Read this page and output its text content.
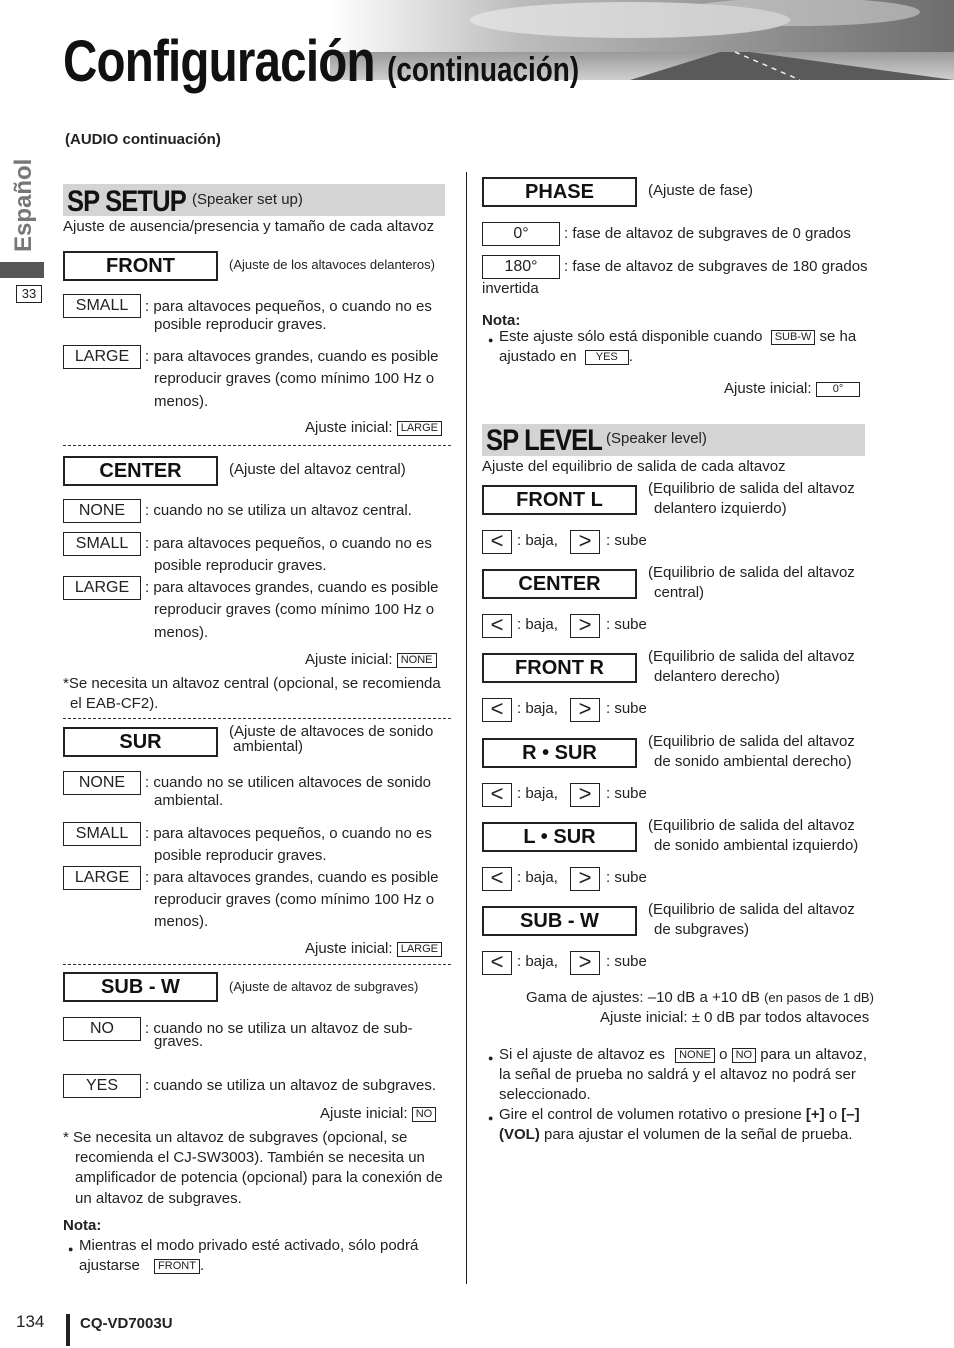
Configuración (continuación)
(AUDIO continuación)
Español
33
SP SETUP (Speaker set up)
Ajuste de ausencia/presencia y tamaño de cada altavoz
FRONT	(Ajuste de los altavoces delanteros)
SMALL	: para altavoces pequeños, o cuando no es
posible reproducir graves.
LARGE	: para altavoces grandes, cuando es posible
reproducir graves (como mínimo 100 Hz o
menos).
Ajuste inicial: LARGE
CENTER	(Ajuste del altavoz central)
NONE	: cuando no se utiliza un altavoz central.
SMALL	: para altavoces pequeños, o cuando no es
posible reproducir graves.
LARGE	: para altavoces grandes, cuando es posible
reproducir graves (como mínimo 100 Hz o
menos).
Ajuste inicial: NONE
*Se necesita un altavoz central (opcional, se recomienda
el EAB-CF2).
SUR	(Ajuste de altavoces de sonido
ambiental)
NONE	: cuando no se utilicen altavoces de sonido
ambiental.
SMALL	: para altavoces pequeños, o cuando no es
posible reproducir graves.
LARGE	: para altavoces grandes, cuando es posible
reproducir graves (como mínimo 100 Hz o
menos).
Ajuste inicial: LARGE
SUB - W	(Ajuste de altavoz de subgraves)
NO	: cuando no se utiliza un altavoz de sub-
graves.
YES	: cuando se utiliza un altavoz de subgraves.
Ajuste inicial: NO
* Se necesita un altavoz de subgraves (opcional, se
recomienda el CJ-SW3003). También se necesita un
amplificador de potencia (opcional) para la conexión de
un altavoz de subgraves.
Nota:
● Mientras el modo privado esté activado, sólo podrá
ajustarse FRONT .
PHASE	(Ajuste de fase)
0°	: fase de altavoz de subgraves de 0 grados
180°	: fase de altavoz de subgraves de 180 grados
invertida
Nota:
● Este ajuste sólo está disponible cuando SUB-W se ha
ajustado en YES .
Ajuste inicial: 0°
SP LEVEL (Speaker level)
Ajuste del equilibrio de salida de cada altavoz
FRONT L
(Equilibrio de salida del altavoz
delantero izquierdo)
< : baja, > : sube
CENTER
(Equilibrio de salida del altavoz
central)
< : baja, > : sube
FRONT R
(Equilibrio de salida del altavoz
delantero derecho)
< : baja, > : sube
R • SUR
(Equilibrio de salida del altavoz
de sonido ambiental derecho)
< : baja, > : sube
L • SUR
(Equilibrio de salida del altavoz
de sonido ambiental izquierdo)
< : baja, > : sube
SUB - W
(Equilibrio de salida del altavoz
de subgraves)
< : baja, > : sube
Gama de ajustes: –10 dB a +10 dB (en pasos de 1 dB)
Ajuste inicial: ± 0 dB par todos altavoces
● Si el ajuste de altavoz es NONE o NO para un altavoz,
la señal de prueba no saldrá y el altavoz no podrá ser
seleccionado.
● Gire el control de volumen rotativo o presione [+] o [–]
(VOL) para ajustar el volumen de la señal de prueba.
134 CQ-VD7003U
